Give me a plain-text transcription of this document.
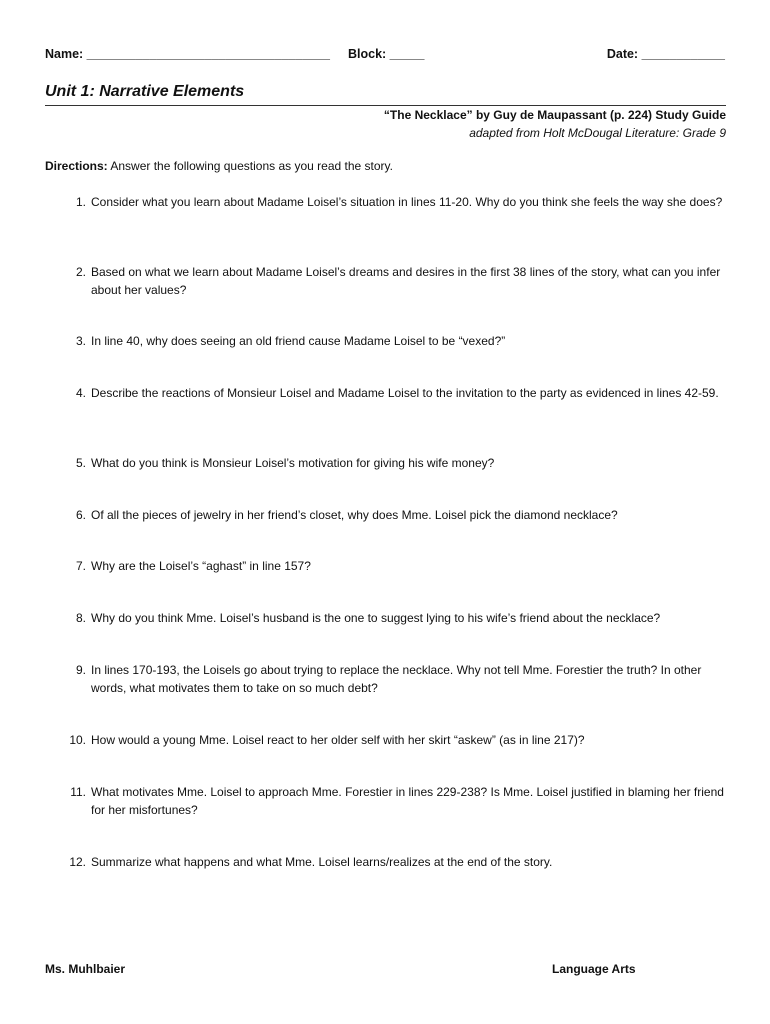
Name: ___________________________________ Block: _____	Date: ____________
Unit 1: Narrative Elements
“The Necklace” by Guy de Maupassant (p. 224) Study Guide
adapted from Holt McDougal Literature: Grade 9
Directions: Answer the following questions as you read the story.
1. Consider what you learn about Madame Loisel’s situation in lines 11-20. Why do you think she feels the way she does?
2. Based on what we learn about Madame Loisel’s dreams and desires in the first 38 lines of the story, what can you infer about her values?
3. In line 40, why does seeing an old friend cause Madame Loisel to be “vexed?”
4. Describe the reactions of Monsieur Loisel and Madame Loisel to the invitation to the party as evidenced in lines 42-59.
5. What do you think is Monsieur Loisel’s motivation for giving his wife money?
6. Of all the pieces of jewelry in her friend’s closet, why does Mme. Loisel pick the diamond necklace?
7. Why are the Loisel’s “aghast” in line 157?
8. Why do you think Mme. Loisel’s husband is the one to suggest lying to his wife’s friend about the necklace?
9. In lines 170-193, the Loisels go about trying to replace the necklace. Why not tell Mme. Forestier the truth? In other words, what motivates them to take on so much debt?
10. How would a young Mme. Loisel react to her older self with her skirt “askew” (as in line 217)?
11. What motivates Mme. Loisel to approach Mme. Forestier in lines 229-238? Is Mme. Loisel justified in blaming her friend for her misfortunes?
12. Summarize what happens and what Mme. Loisel learns/realizes at the end of the story.
Ms. Muhlbaier	Language Arts
